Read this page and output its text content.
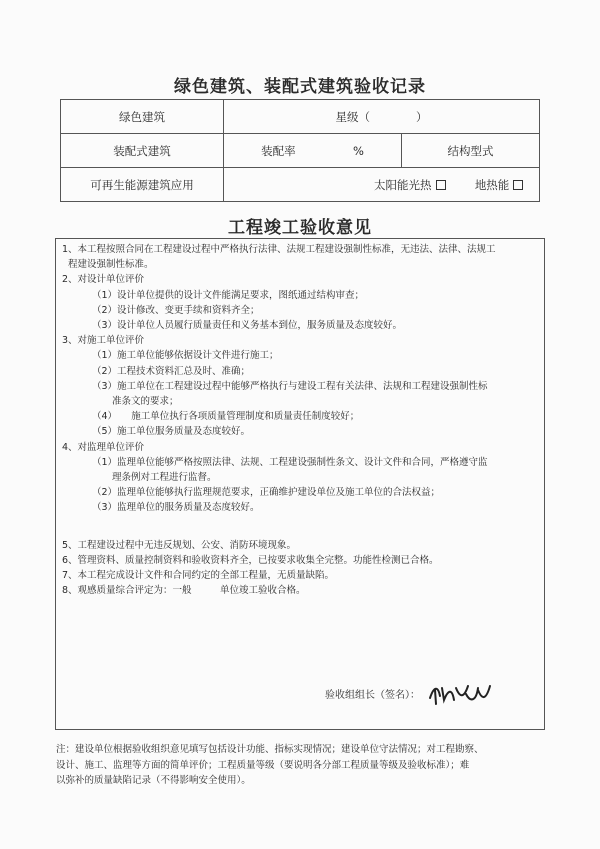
绿色建筑、装配式建筑验收记录
绿色建筑	星级（　　　　）	
装配式建筑	装配率 %	结构型式
可再生能源建筑应用	太阳能光热 地热能	
工程竣工验收意见
1、本工程按照合同在工程建设过程中严格执行法律、法规工程建设强制性标准，无违法、法律、法规工
程建设强制性标准。
2、对设计单位评价
（1）设计单位提供的设计文件能满足要求，图纸通过结构审查；
（2）设计修改、变更手续和资料齐全；
（3）设计单位人员履行质量责任和义务基本到位，服务质量及态度较好。
3、对施工单位评价
（1）施工单位能够依据设计文件进行施工；
（2）工程技术资料汇总及时、准确；
（3）施工单位在工程建设过程中能够严格执行与建设工程有关法律、法规和工程建设强制性标
准条文的要求；
（4）　　施工单位执行各项质量管理制度和质量责任制度较好；
（5）施工单位服务质量及态度较好。
4、对监理单位评价
（1）监理单位能够严格按照法律、法规、工程建设强制性条文、设计文件和合同，严格遵守监
理条例对工程进行监督。
（2）监理单位能够执行监理规范要求，正确维护建设单位及施工单位的合法权益；
（3）监理单位的服务质量及态度较好。
5、工程建设过程中无违反规划、公安、消防环境现象。
6、管理资料、质量控制资料和验收资料齐全，已按要求收集全完整。功能性检测已合格。
7、本工程完成设计文件和合同约定的全部工程量，无质量缺陷。
8、观感质量综合评定为：一般　　　单位竣工验收合格。
验收组组长（签名）：
注：建设单位根据验收组织意见填写包括设计功能、指标实现情况；建设单位守法情况；对工程勘察、
设计、施工、监理等方面的简单评价；工程质量等级（要说明各分部工程质量等级及验收标准）；难
以弥补的质量缺陷记录（不得影响安全使用）。
